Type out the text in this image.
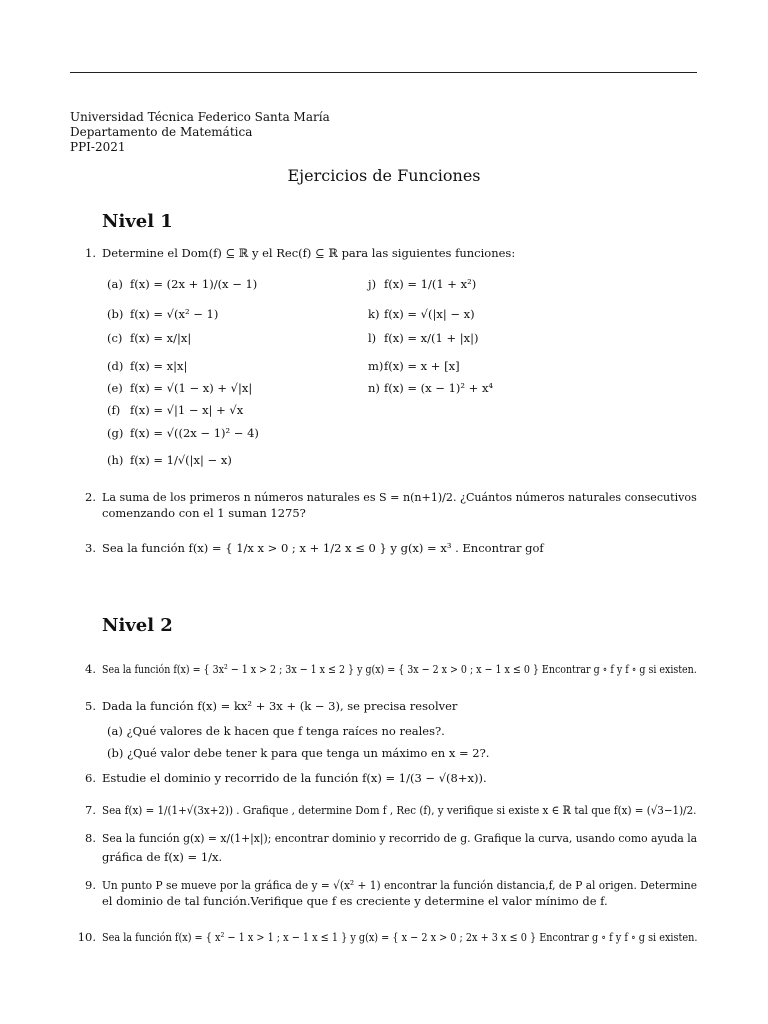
Universidad Técnica Federico Santa María
Departamento de Matemática
PPI-2021
Ejercicios de Funciones
Nivel 1
1. Determine el Dom(f) ⊆ ℝ y el Rec(f) ⊆ ℝ para las siguientes funciones:
(a) f(x) = (2x + 1)/(x − 1)
(b) f(x) = √(x² − 1)
(c) f(x) = x/|x|
(d) f(x) = x|x|
(e) f(x) = √(1 − x) + √|x|
(f) f(x) = √|1 − x| + √x
(g) f(x) = √((2x − 1)² − 4)
(h) f(x) = 1/√(|x| − x)
j) f(x) = 1/(1 + x²)
k) f(x) = √(|x| − x)
l) f(x) = x/(1 + |x|)
m) f(x) = x + [x]
n) f(x) = (x − 1)² + x⁴
2. La suma de los primeros n números naturales es S = n(n+1)/2. ¿Cuántos números naturales consecutivos
comenzando con el 1 suman 1275?
3. Sea la función f(x) = { 1/x x > 0 ; x + 1/2 x ≤ 0 } y g(x) = x³ . Encontrar gof
Nivel 2
4. Sea la función f(x) = { 3x² − 1 x > 2 ; 3x − 1 x ≤ 2 } y g(x) = { 3x − 2 x > 0 ; x − 1 x ≤ 0 } Encontrar g ∘ f y f ∘ g si existen.
5. Dada la función f(x) = kx² + 3x + (k − 3), se precisa resolver
(a) ¿Qué valores de k hacen que f tenga raíces no reales?.
(b) ¿Qué valor debe tener k para que tenga un máximo en x = 2?.
6. Estudie el dominio y recorrido de la función f(x) = 1/(3 − √(8+x)).
7. Sea f(x) = 1/(1+√(3x+2)) . Grafique , determine Dom f , Rec (f), y verifique si existe x ∈ ℝ tal que f(x) = (√3−1)/2.
8. Sea la función g(x) = x/(1+|x|); encontrar dominio y recorrido de g. Grafique la curva, usando como ayuda la
gráfica de f(x) = 1/x.
9. Un punto P se mueve por la gráfica de y = √(x² + 1) encontrar la función distancia,f, de P al origen. Determine
el dominio de tal función.Verifique que f es creciente y determine el valor mínimo de f.
10. Sea la función f(x) = { x² − 1 x > 1 ; x − 1 x ≤ 1 } y g(x) = { x − 2 x > 0 ; 2x + 3 x ≤ 0 } Encontrar g ∘ f y f ∘ g si existen.
